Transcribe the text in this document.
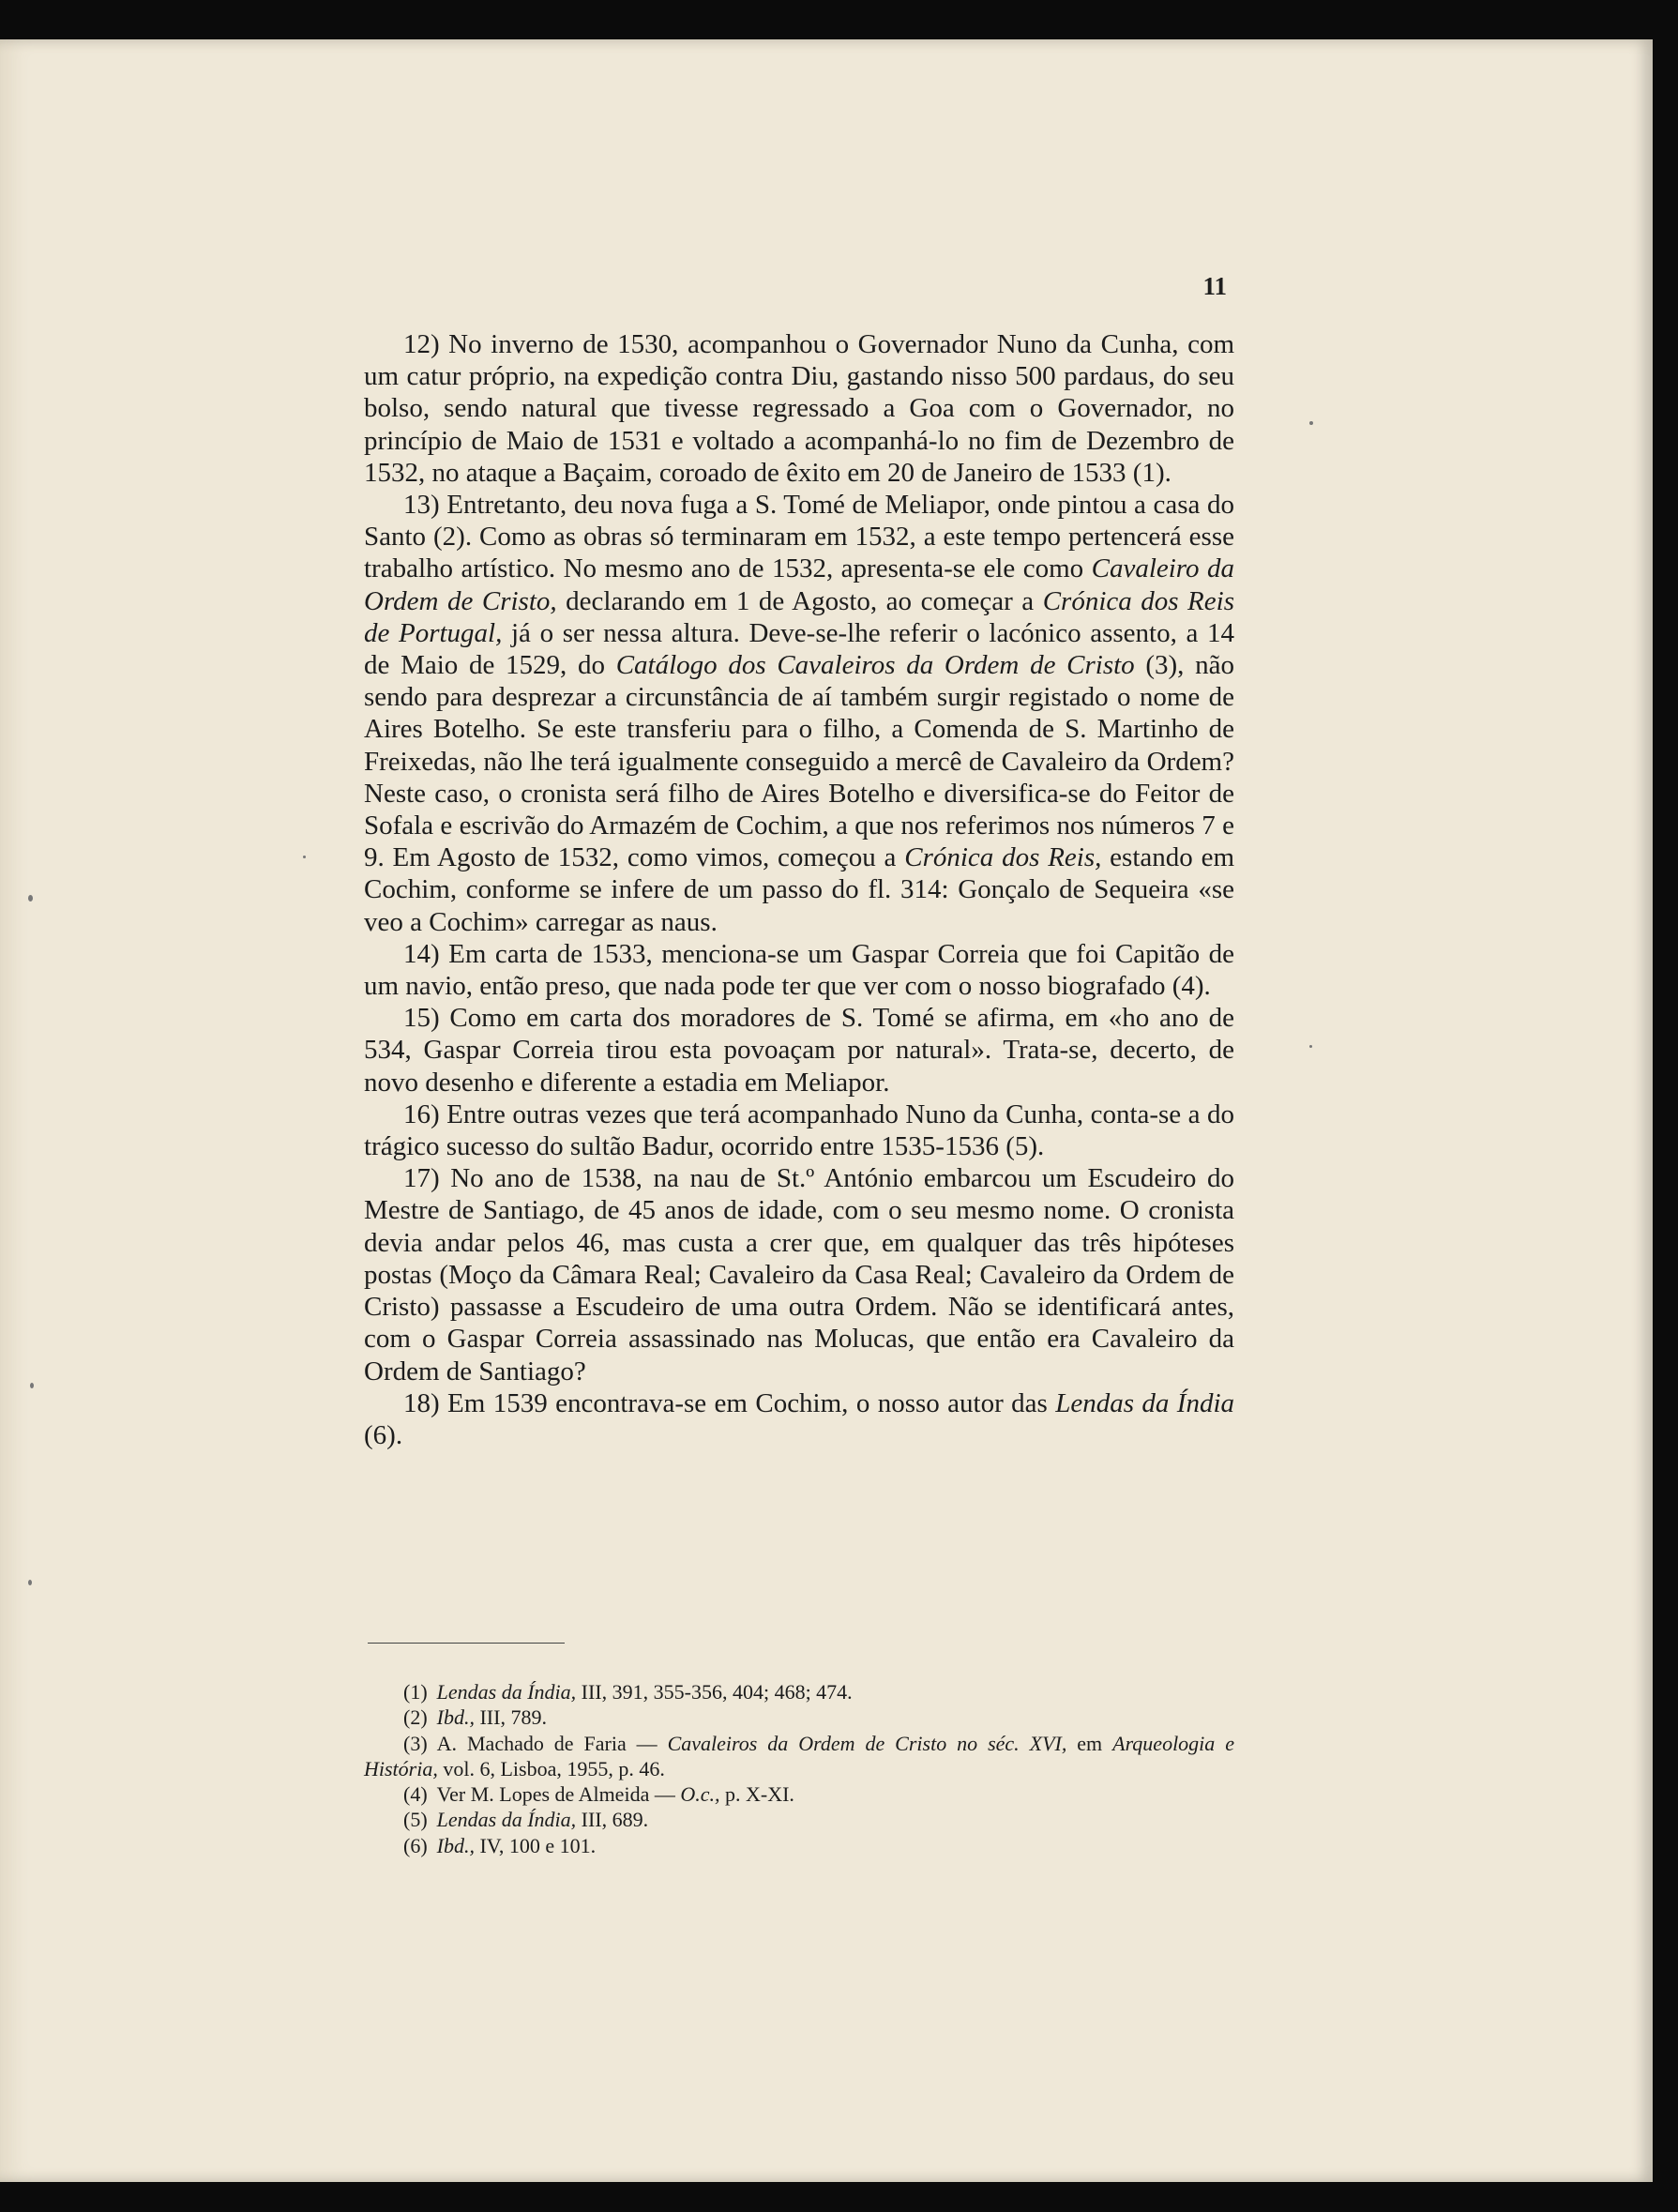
11

12) No inverno de 1530, acompanhou o Governador Nuno da Cunha, com um catur próprio, na expedição contra Diu, gastando nisso 500 pardaus, do seu bolso, sendo natural que tivesse regressado a Goa com o Governador, no princípio de Maio de 1531 e voltado a acompanhá-lo no fim de Dezembro de 1532, no ataque a Baçaim, coroado de êxito em 20 de Janeiro de 1533 (1).

13) Entretanto, deu nova fuga a S. Tomé de Meliapor, onde pintou a casa do Santo (2). Como as obras só terminaram em 1532, a este tempo pertencerá esse trabalho artístico. No mesmo ano de 1532, apresenta-se ele como Cavaleiro da Ordem de Cristo, declarando em 1 de Agosto, ao começar a Crónica dos Reis de Portugal, já o ser nessa altura. Deve-se-lhe referir o lacónico assento, a 14 de Maio de 1529, do Catálogo dos Cavaleiros da Ordem de Cristo (3), não sendo para desprezar a circunstância de aí também surgir registado o nome de Aires Botelho. Se este transferiu para o filho, a Comenda de S. Martinho de Freixedas, não lhe terá igualmente conseguido a mercê de Cavaleiro da Ordem? Neste caso, o cronista será filho de Aires Botelho e diversifica-se do Feitor de Sofala e escrivão do Armazém de Cochim, a que nos referimos nos números 7 e 9. Em Agosto de 1532, como vimos, começou a Crónica dos Reis, estando em Cochim, conforme se infere de um passo do fl. 314: Gonçalo de Sequeira «se veo a Cochim» carregar as naus.

14) Em carta de 1533, menciona-se um Gaspar Correia que foi Capitão de um navio, então preso, que nada pode ter que ver com o nosso biografado (4).

15) Como em carta dos moradores de S. Tomé se afirma, em «ho ano de 534, Gaspar Correia tirou esta povoaçam por natural». Trata-se, decerto, de novo desenho e diferente a estadia em Meliapor.

16) Entre outras vezes que terá acompanhado Nuno da Cunha, conta-se a do trágico sucesso do sultão Badur, ocorrido entre 1535-1536 (5).

17) No ano de 1538, na nau de St.º António embarcou um Escudeiro do Mestre de Santiago, de 45 anos de idade, com o seu mesmo nome. O cronista devia andar pelos 46, mas custa a crer que, em qualquer das três hipóteses postas (Moço da Câmara Real; Cavaleiro da Casa Real; Cavaleiro da Ordem de Cristo) passasse a Escudeiro de uma outra Ordem. Não se identificará antes, com o Gaspar Correia assassinado nas Molucas, que então era Cavaleiro da Ordem de Santiago?

18) Em 1539 encontrava-se em Cochim, o nosso autor das Lendas da Índia (6).

(1) Lendas da Índia, III, 391, 355-356, 404; 468; 474.

(2) Ibd., III, 789.

(3) A. Machado de Faria — Cavaleiros da Ordem de Cristo no séc. XVI, em Arqueologia e História, vol. 6, Lisboa, 1955, p. 46.

(4) Ver M. Lopes de Almeida — O.c., p. X-XI.

(5) Lendas da Índia, III, 689.

(6) Ibd., IV, 100 e 101.
